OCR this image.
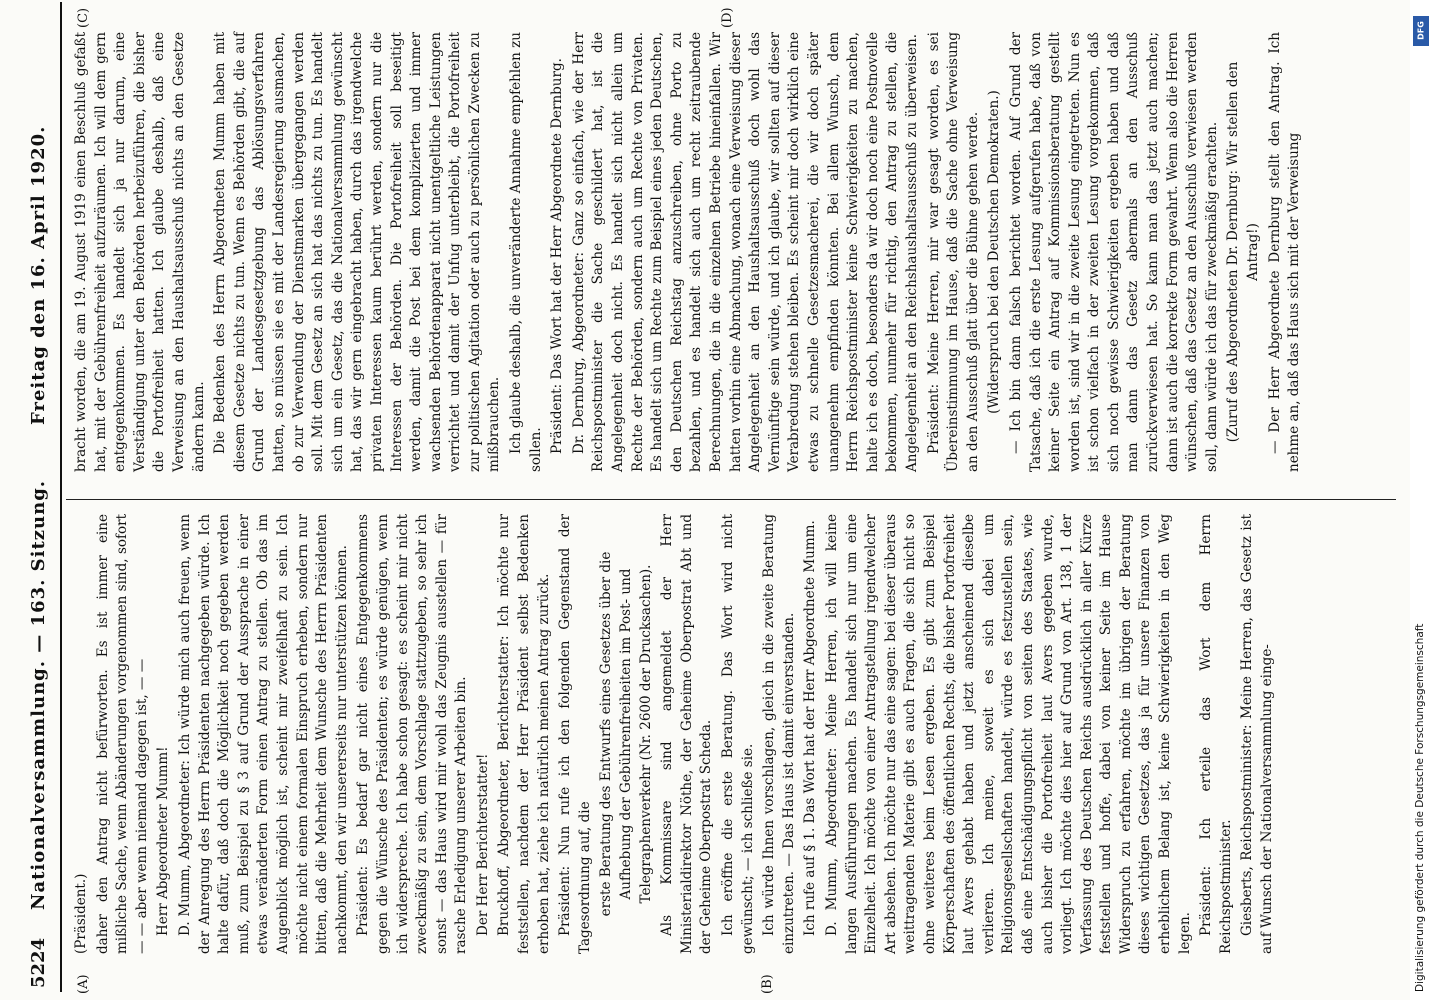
5224
Nationalversammlung. — 163. Sitzung.
Freitag den 16. April 1920.
(A)	(B)
(C)	(D)

(Präsident.) daher den Antrag nicht befürworten. Es ist immer eine mißliche Sache, wenn Abänderungen vorgenommen sind, sofort — — aber wenn niemand dagegen ist, — — Herr Abgeordneter Mumm! D. Mumm, Abgeordneter: Ich würde mich auch freuen, wenn der Anregung des Herrn Präsidenten nachgegeben würde. Ich halte dafür, daß doch die Möglichkeit noch gegeben werden muß, zum Beispiel zu § 3 auf Grund der Aussprache in einer etwas veränderten Form einen Antrag zu stellen. Ob das im Augenblick möglich ist, scheint mir zweifelhaft zu sein. Ich möchte nicht einem formalen Einspruch erheben, sondern nur bitten, daß die Mehrheit dem Wunsche des Herrn Präsidenten nachkommt, den wir unsererseits nur unterstützen können. Präsident: Es bedarf gar nicht eines Entgegenkommens gegen die Wünsche des Präsidenten; es würde genügen, wenn ich widerspreche. Ich habe schon gesagt: es scheint mir nicht zweckmäßig zu sein, dem Vorschlage stattzugeben, so sehr ich sonst — das Haus wird mir wohl das Zeugnis ausstellen — für rasche Erledigung unserer Arbeiten bin. Der Herr Berichterstatter! Bruckhoff, Abgeordneter, Berichterstatter: Ich möchte nur feststellen, nachdem der Herr Präsident selbst Bedenken erhoben hat, ziehe ich natürlich meinen Antrag zurück. Präsident: Nun rufe ich den folgenden Gegenstand der Tagesordnung auf, die erste Beratung des Entwurfs eines Gesetzes über die Aufhebung der Gebührenfreiheiten im Post- und Telegraphenverkehr (Nr. 2600 der Drucksachen). Als Kommissare sind angemeldet der Herr Ministerialdirektor Nöthe, der Geheime Oberpostrat Abt und der Geheime Oberpostrat Scheda. Ich eröffne die erste Beratung. Das Wort wird nicht gewünscht; — ich schließe sie. Ich würde Ihnen vorschlagen, gleich in die zweite Beratung einzutreten. — Das Haus ist damit einverstanden. Ich rufe auf § 1. Das Wort hat der Herr Abgeordnete Mumm. D. Mumm, Abgeordneter: Meine Herren, ich will keine langen Ausführungen machen. Es handelt sich nur um eine Einzelheit. Ich möchte von einer Antragstellung irgendwelcher Art absehen. Ich möchte nur das eine sagen: bei dieser überaus weittragenden Materie gibt es auch Fragen, die sich nicht so ohne weiteres beim Lesen ergeben. Es gibt zum Beispiel Körperschaften des öffentlichen Rechts, die bisher Portofreiheit laut Avers gehabt haben und jetzt anscheinend dieselbe verlieren. Ich meine, soweit es sich dabei um Religionsgesellschaften handelt, würde es festzustellen sein, daß eine Entschädigungspflicht von seiten des Staates, wie auch bisher die Portofreiheit laut Avers gegeben wurde, vorliegt. Ich möchte dies hier auf Grund von Art. 138, 1 der Verfassung des Deutschen Reichs ausdrücklich in aller Kürze feststellen und hoffe, dabei von keiner Seite im Hause Widerspruch zu erfahren, möchte im übrigen der Beratung dieses wichtigen Gesetzes, das ja für unsere Finanzen von erheblichem Belang ist, keine Schwierigkeiten in den Weg legen. Präsident: Ich erteile das Wort dem Herrn Reichspostminister. Giesberts, Reichspostminister: Meine Herren, das Gesetz ist auf Wunsch der Nationalversammlung einge-

bracht worden, die am 19. August 1919 einen Beschluß gefaßt hat, mit der Gebührenfreiheit aufzuräumen. Ich will dem gern entgegenkommen. Es handelt sich ja nur darum, eine Verständigung unter den Behörden herbeizuführen, die bisher die Portofreiheit hatten. Ich glaube deshalb, daß eine Verweisung an den Haushaltsausschuß nichts an den Gesetze ändern kann. Die Bedenken des Herrn Abgeordneten Mumm haben mit diesem Gesetze nichts zu tun. Wenn es Behörden gibt, die auf Grund der Landesgesetzgebung das Ablösungsverfahren hatten, so müssen sie es mit der Landesregierung ausmachen, ob zur Verwendung der Dienstmarken übergegangen werden soll. Mit dem Gesetz an sich hat das nichts zu tun. Es handelt sich um ein Gesetz, das die Nationalversammlung gewünscht hat, das wir gern eingebracht haben, durch das irgendwelche privaten Interessen kaum berührt werden, sondern nur die Interessen der Behörden. Die Portofreiheit soll beseitigt werden, damit die Post bei dem komplizierten und immer wachsenden Behördenapparat nicht unentgeltliche Leistungen verrichtet und damit der Unfug unterbleibt, die Portofreiheit zur politischen Agitation oder auch zu persönlichen Zwecken zu mißbrauchen. Ich glaube deshalb, die unveränderte Annahme empfehlen zu sollen. Präsident: Das Wort hat der Herr Abgeordnete Dernburg. Dr. Dernburg, Abgeordneter: Ganz so einfach, wie der Herr Reichspostminister die Sache geschildert hat, ist die Angelegenheit doch nicht. Es handelt sich nicht allein um Rechte der Behörden, sondern auch um Rechte von Privaten. Es handelt sich um Rechte zum Beispiel eines jeden Deutschen, den Deutschen Reichstag anzuschreiben, ohne Porto zu bezahlen, und es handelt sich auch um recht zeitraubende Berechnungen, die in die einzelnen Betriebe hineinfallen. Wir hatten vorhin eine Abmachung, wonach eine Verweisung dieser Angelegenheit an den Haushaltsausschuß doch wohl das Vernünftige sein würde, und ich glaube, wir sollten auf dieser Verabredung stehen bleiben. Es scheint mir doch wirklich eine etwas zu schnelle Gesetzesmacherei, die wir doch später unangenehm empfinden könnten. Bei allem Wunsch, dem Herrn Reichspostminister keine Schwierigkeiten zu machen, halte ich es doch, besonders da wir doch noch eine Postnovelle bekommen, nunmehr für richtig, den Antrag zu stellen, die Angelegenheit an den Reichshaushaltsausschuß zu überweisen. Präsident: Meine Herren, mir war gesagt worden, es sei Übereinstimmung im Hause, daß die Sache ohne Verweisung an den Ausschuß glatt über die Bühne gehen werde. (Widerspruch bei den Deutschen Demokraten.) — Ich bin dann falsch berichtet worden. Auf Grund der Tatsache, daß ich die erste Lesung aufgerufen habe, daß von keiner Seite ein Antrag auf Kommissionsberatung gestellt worden ist, sind wir in die zweite Lesung eingetreten. Nun es ist schon vielfach in der zweiten Lesung vorgekommen, daß sich noch gewisse Schwierigkeiten ergeben haben und daß man dann das Gesetz abermals an den Ausschuß zurückverwiesen hat. So kann man das jetzt auch machen; dann ist auch die korrekte Form gewahrt. Wenn also die Herren wünschen, daß das Gesetz an den Ausschuß verwiesen werden soll, dann würde ich das für zweckmäßig erachten. (Zuruf des Abgeordneten Dr. Dernburg: Wir stellen den Antrag!) — Der Herr Abgeordnete Dernburg stellt den Antrag. Ich nehme an, daß das Haus sich mit der Verweisung

DFG
Digitalisierung gefördert durch die Deutsche Forschungsgemeinschaft
